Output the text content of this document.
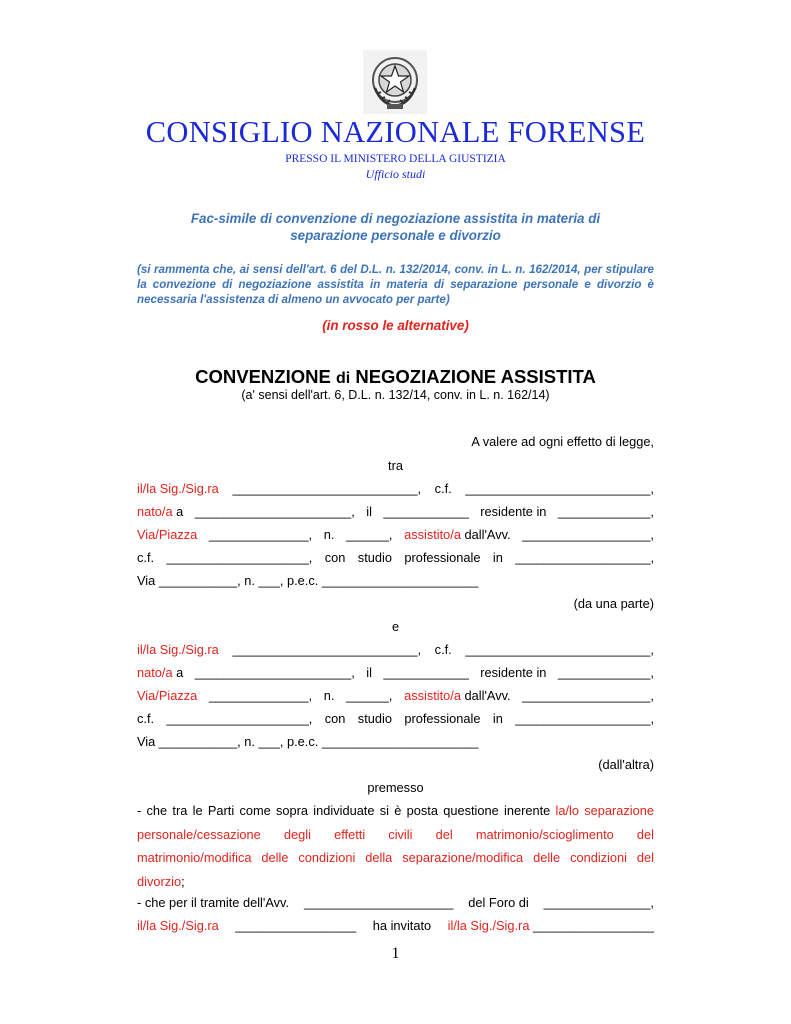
CONSIGLIO NAZIONALE FORENSE
PRESSO IL MINISTERO DELLA GIUSTIZIA
Ufficio studi
Fac-simile di convenzione di negoziazione assistita in materia di
separazione personale e divorzio
(si rammenta che, ai sensi dell'art. 6 del D.L. n. 132/2014, conv. in L. n. 162/2014, per stipulare la convezione di negoziazione assistita in materia di separazione personale e divorzio è necessaria l'assistenza di almeno un avvocato per parte)
(in rosso le alternative)
CONVENZIONE di NEGOZIAZIONE ASSISTITA
(a' sensi dell'art. 6, D.L. n. 132/14, conv. in L. n. 162/14)
A valere ad ogni effetto di legge,
tra
il/la Sig./Sig.ra __________________________, c.f. __________________________,
nato/a a ______________________, il ____________ residente in _____________,
Via/Piazza ______________, n. ______, assistito/a dall'Avv. __________________,
c.f. ____________________, con studio professionale in ___________________,
Via ___________, n. ___, p.e.c. ______________________
(da una parte)
e
il/la Sig./Sig.ra __________________________, c.f. __________________________,
nato/a a ______________________, il ____________ residente in _____________,
Via/Piazza ______________, n. ______, assistito/a dall'Avv. __________________,
c.f. ____________________, con studio professionale in ___________________,
Via ___________, n. ___, p.e.c. ______________________
(dall'altra)
premesso
- che tra le Parti come sopra individuate si è posta questione inerente la/lo separazione personale/cessazione degli effetti civili del matrimonio/scioglimento del matrimonio/modifica delle condizioni della separazione/modifica delle condizioni del divorzio;
- che per il tramite dell'Avv. _____________________ del Foro di _______________,
il/la Sig./Sig.ra _________________ ha invitato il/la Sig./Sig.ra _________________
1
